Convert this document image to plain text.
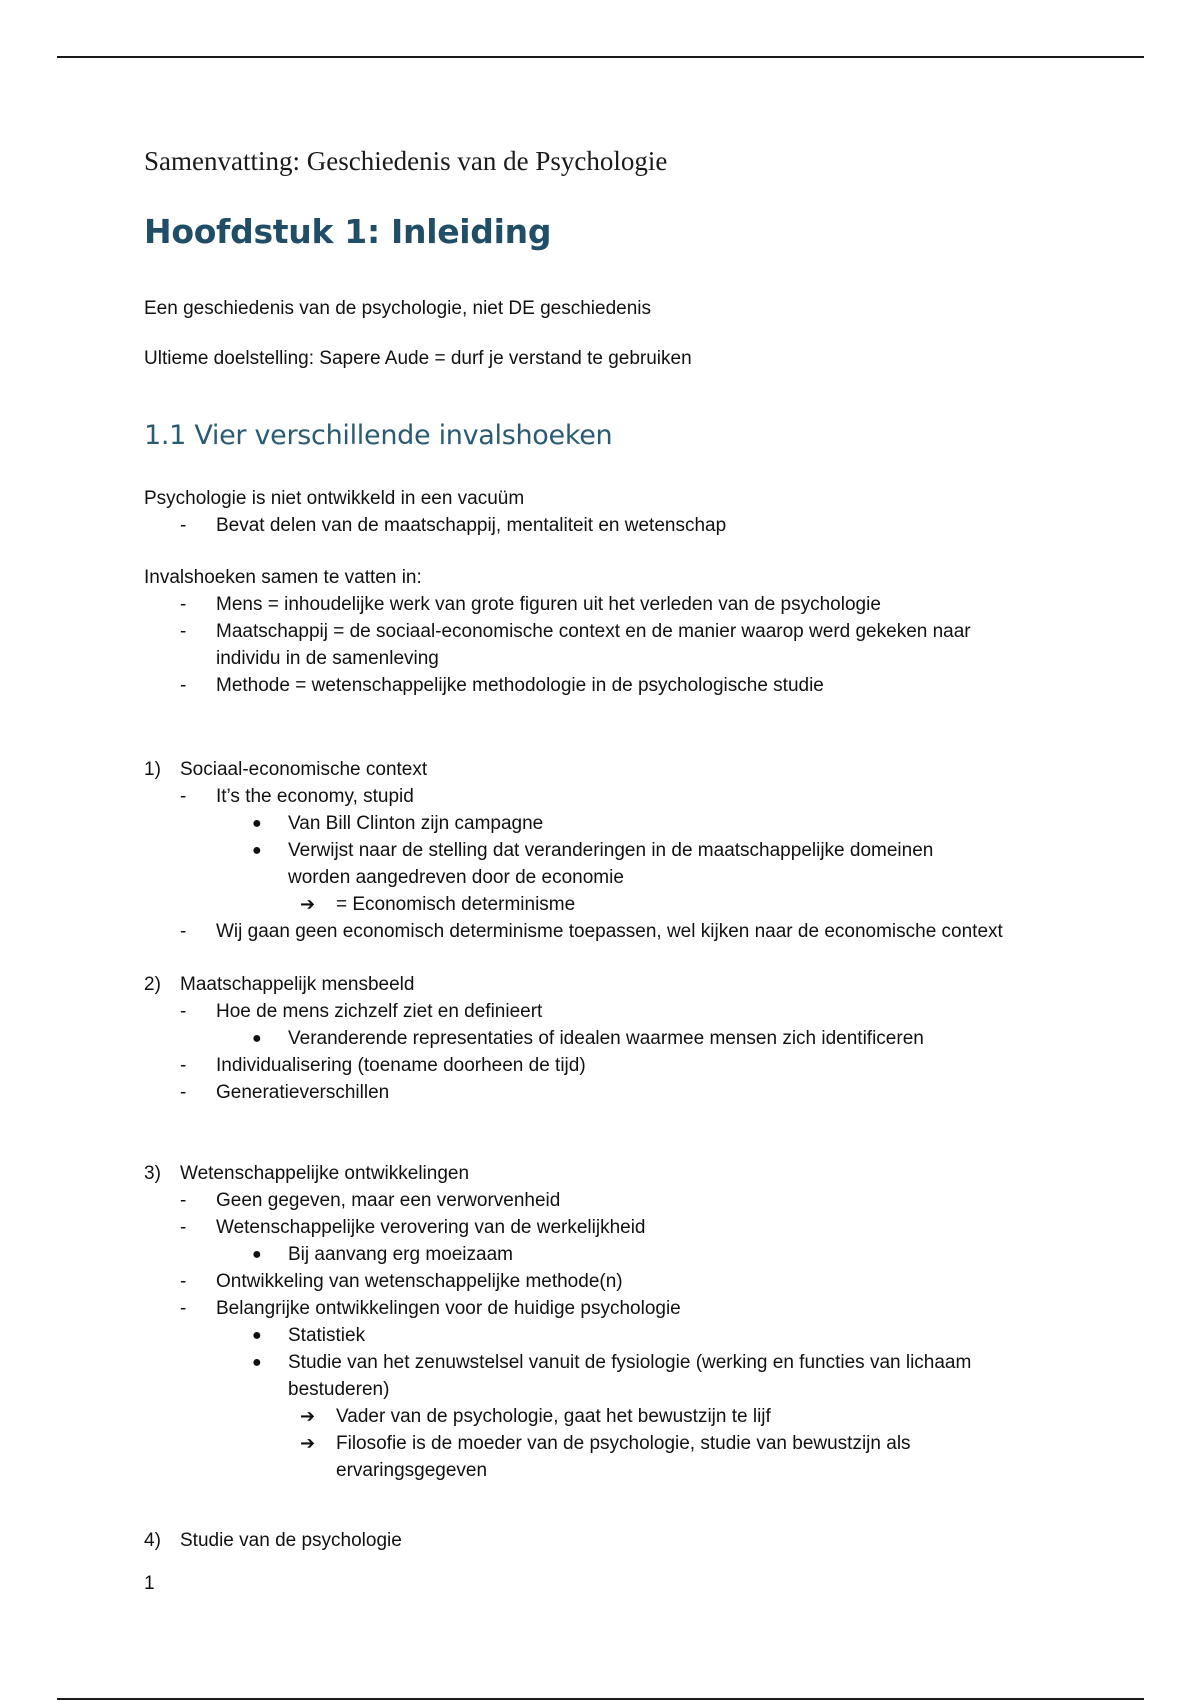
Samenvatting: Geschiedenis van de Psychologie
Hoofdstuk 1: Inleiding
Een geschiedenis van de psychologie, niet DE geschiedenis
Ultieme doelstelling: Sapere Aude = durf je verstand te gebruiken
1.1 Vier verschillende invalshoeken
Psychologie is niet ontwikkeld in een vacuüm
-	Bevat delen van de maatschappij, mentaliteit en wetenschap
Invalshoeken samen te vatten in:
-	Mens = inhoudelijke werk van grote figuren uit het verleden van de psychologie
-	Maatschappij = de sociaal-economische context en de manier waarop werd gekeken naar individu in de samenleving
-	Methode = wetenschappelijke methodologie in de psychologische studie
1)	Sociaal-economische context
-	It’s the economy, stupid
●	Van Bill Clinton zijn campagne
●	Verwijst naar de stelling dat veranderingen in de maatschappelijke domeinen worden aangedreven door de economie
➔	= Economisch determinisme
-	Wij gaan geen economisch determinisme toepassen, wel kijken naar de economische context
2)	Maatschappelijk mensbeeld
-	Hoe de mens zichzelf ziet en definieert
●	Veranderende representaties of idealen waarmee mensen zich identificeren
-	Individualisering (toename doorheen de tijd)
-	Generatieverschillen
3)	Wetenschappelijke ontwikkelingen
-	Geen gegeven, maar een verworvenheid
-	Wetenschappelijke verovering van de werkelijkheid
●	Bij aanvang erg moeizaam
-	Ontwikkeling van wetenschappelijke methode(n)
-	Belangrijke ontwikkelingen voor de huidige psychologie
●	Statistiek
●	Studie van het zenuwstelsel vanuit de fysiologie (werking en functies van lichaam bestuderen)
➔	Vader van de psychologie, gaat het bewustzijn te lijf
➔	Filosofie is de moeder van de psychologie, studie van bewustzijn als ervaringsgegeven
4)	Studie van de psychologie
1
